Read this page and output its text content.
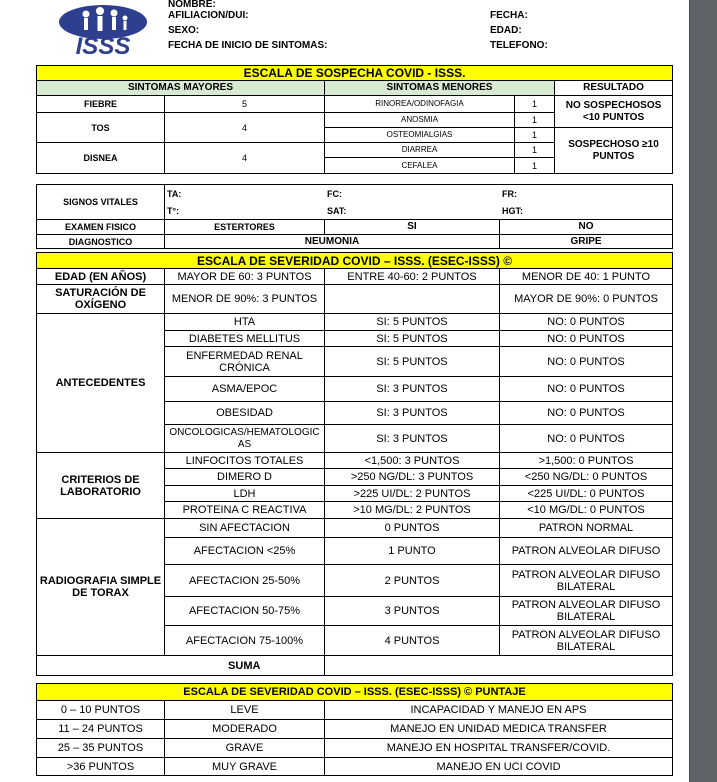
ISSS
NOMBRE:	
AFILIACION/DUI:	FECHA:
SEXO:	EDAD:
FECHA DE INICIO DE SINTOMAS:	TELEFONO:
ESCALA DE SOSPECHA COVID - ISSS.				
SINTOMAS MAYORES		SINTOMAS MENORES		RESULTADO
FIEBRE	5	RINOREA/ODINOFAGIA	1	NO SOSPECHOSOS <10 PUNTOS
TOS	4	ANOSMIA	1	
		OSTEOMIALGIAS	1	SOSPECHOSO ≥10 PUNTOS
DISNEA	4	DIARREA	1	
		CEFALEA	1	
SIGNOS VITALES	
TA:	FC:	FR:
T°:	SAT:	HGT:

EXAMEN FISICO	ESTERTORES	SI	NO
DIAGNOSTICO	NEUMONIA	GRIPE
ESCALA DE SEVERIDAD COVID – ISSS. (ESEC-ISSS) ©			
EDAD (EN AÑOS)	MAYOR DE 60: 3 PUNTOS	ENTRE 40-60: 2 PUNTOS	MENOR DE 40: 1 PUNTO
SATURACIÓN DE OXÍGENO	MENOR DE 90%: 3 PUNTOS		MAYOR DE 90%: 0 PUNTOS
ANTECEDENTES	HTA	SI: 5 PUNTOS	NO: 0 PUNTOS
	DIABETES MELLITUS	SI: 5 PUNTOS	NO: 0 PUNTOS
	ENFERMEDAD RENAL CRÓNICA	SI: 5 PUNTOS	NO: 0 PUNTOS
	ASMA/EPOC	SI: 3 PUNTOS	NO: 0 PUNTOS
	OBESIDAD	SI: 3 PUNTOS	NO: 0 PUNTOS
	ONCOLOGICAS/HEMATOLOGICAS	SI: 3 PUNTOS	NO: 0 PUNTOS
CRITERIOS DE LABORATORIO	LINFOCITOS TOTALES	<1,500: 3 PUNTOS	>1,500: 0 PUNTOS
	DIMERO D	>250 NG/DL: 3 PUNTOS	<250 NG/DL: 0 PUNTOS
	LDH	>225 UI/DL: 2 PUNTOS	<225 UI/DL: 0 PUNTOS
	PROTEINA C REACTIVA	>10 MG/DL: 2 PUNTOS	<10 MG/DL: 0 PUNTOS
RADIOGRAFIA SIMPLE DE TORAX	SIN AFECTACION	0 PUNTOS	PATRON NORMAL
	AFECTACION <25%	1 PUNTO	PATRON ALVEOLAR DIFUSO
	AFECTACION 25-50%	2 PUNTOS	PATRON ALVEOLAR DIFUSO BILATERAL
	AFECTACION 50-75%	3 PUNTOS	PATRON ALVEOLAR DIFUSO BILATERAL
	AFECTACION 75-100%	4 PUNTOS	PATRON ALVEOLAR DIFUSO BILATERAL
	SUMA		
ESCALA DE SEVERIDAD COVID – ISSS. (ESEC-ISSS) © PUNTAJE		
0 – 10 PUNTOS	LEVE	INCAPACIDAD Y MANEJO EN APS
11 – 24 PUNTOS	MODERADO	MANEJO EN UNIDAD MEDICA TRANSFER
25 – 35 PUNTOS	GRAVE	MANEJO EN HOSPITAL TRANSFER/COVID.
>36 PUNTOS	MUY GRAVE	MANEJO EN UCI COVID
